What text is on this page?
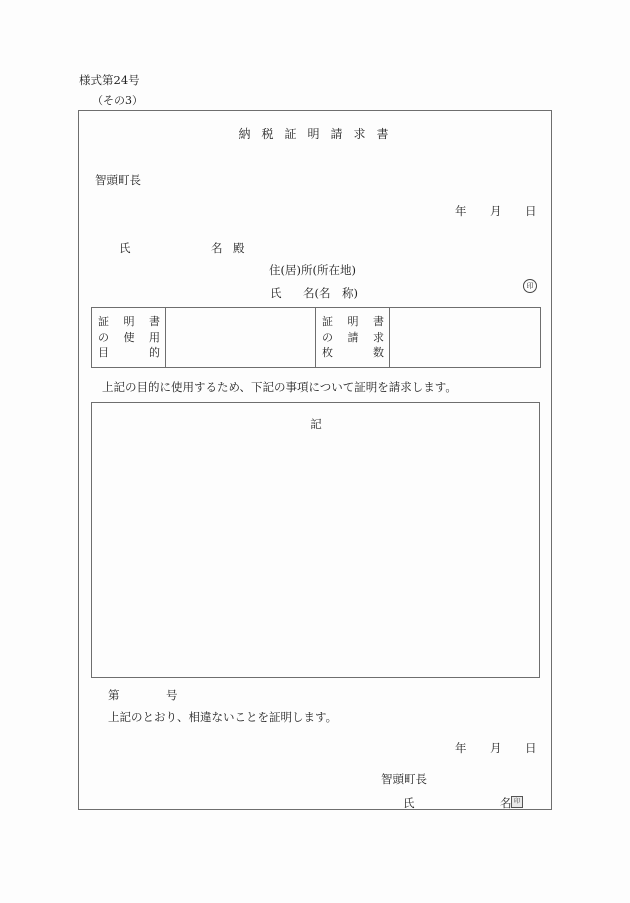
様式第24号
（その3）
納税証明請求書
智頭町長
年 月 日
氏	名 殿
住(居)所(所在地)
氏 名(名　称)	印
証 明 書
の 使 用
目	的

証 明 書
の 請 求
枚	数

上記の目的に使用するため、下記の事項について証明を請求します。
記
第	号
上記のとおり、相違ないことを証明します。
年 月 日
智頭町長
氏	名 印
